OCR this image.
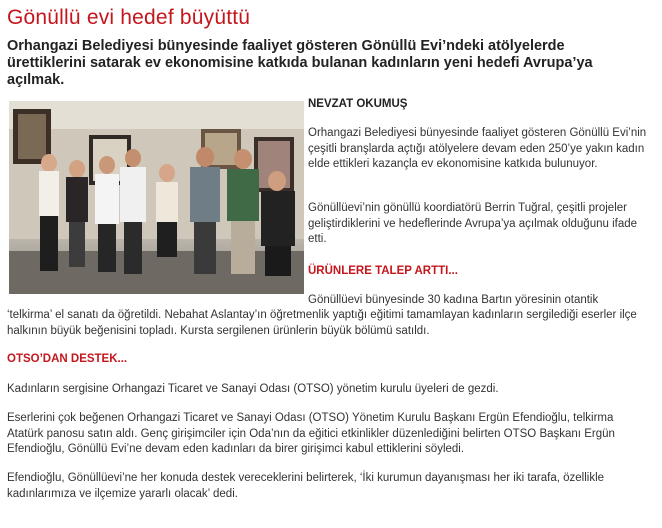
Gönüllü evi hedef büyüttü

Orhangazi Belediyesi bünyesinde faaliyet gösteren Gönüllü Evi’ndeki atölyelerde ürettiklerini satarak ev ekonomisine katkıda bulanan kadınların yeni hedefi Avrupa’ya açılmak.

NEVZAT OKUMUŞ

Orhangazi Belediyesi bünyesinde faaliyet gösteren Gönüllü Evi’nin çeşitli branşlarda açtığı atölyelere devam eden 250’ye yakın kadın elde ettikleri kazançla ev ekonomisine katkıda bulunuyor.

Gönüllüevi’nin gönüllü koordiatörü Berrin Tuğral, çeşitli projeler geliştirdiklerini ve hedeflerinde Avrupa’ya açılmak olduğunu ifade etti.

ÜRÜNLERE TALEP ARTTI...

Gönüllüevi bünyesinde 30 kadına Bartın yöresinin otantik

‘telkirma’ el sanatı da öğretildi. Nebahat Aslantay’ın öğretmenlik yaptığı eğitimi tamamlayan kadınların sergilediği eserler ilçe halkının büyük beğenisini topladı. Kursta sergilenen ürünlerin büyük bölümü satıldı.

OTSO’DAN DESTEK...

Kadınların sergisine Orhangazi Ticaret ve Sanayi Odası (OTSO) yönetim kurulu üyeleri de gezdi.

Eserlerini çok beğenen Orhangazi Ticaret ve Sanayi Odası (OTSO) Yönetim Kurulu Başkanı Ergün Efendioğlu, telkirma Atatürk panosu satın aldı. Genç girişimciler için Oda’nın da eğitici etkinlikler düzenlediğini belirten OTSO Başkanı Ergün Efendioğlu, Gönüllü Evi’ne devam eden kadınları da birer girişimci kabul ettiklerini söyledi.

Efendioğlu, Gönüllüevi’ne her konuda destek vereceklerini belirterek, ‘İki kurumun dayanışması her iki tarafa, özellikle kadınlarımıza ve ilçemize yararlı olacak’ dedi.
